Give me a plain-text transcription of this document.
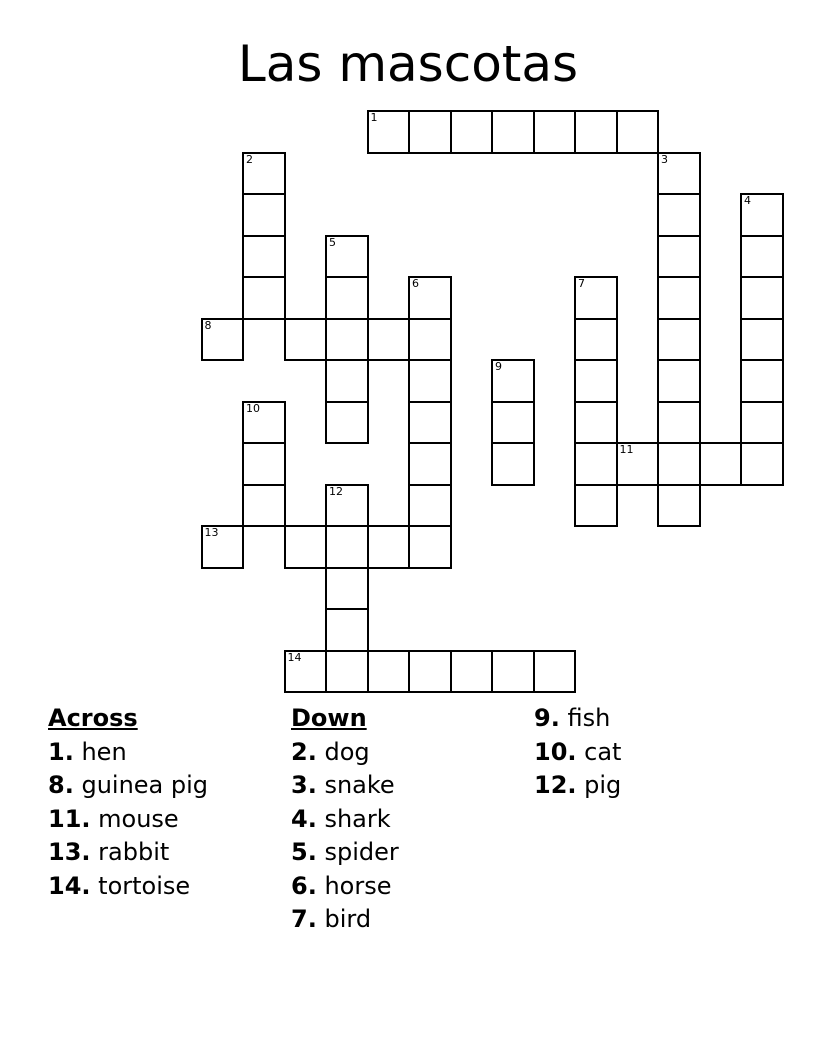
Las mascotas
1
2	3
4
5
6	7
8
9
10
11
12
13
14
Across
1. hen
8. guinea pig
11. mouse
13. rabbit
14. tortoise
Down
2. dog
3. snake
4. shark
5. spider
6. horse
7. bird
9. fish
10. cat
12. pig
